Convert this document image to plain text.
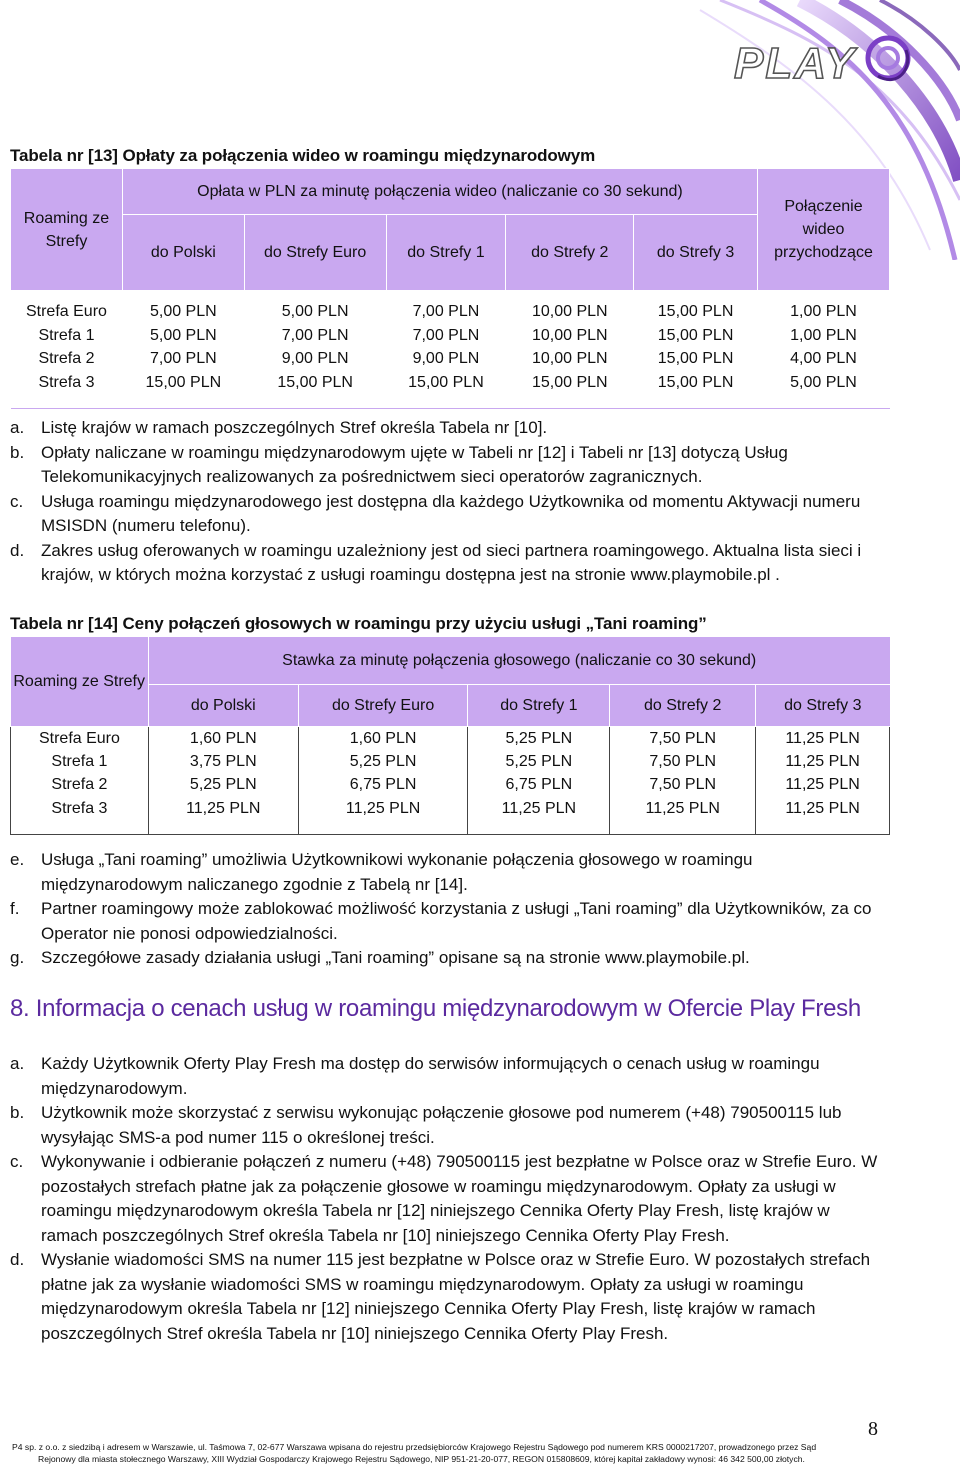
PLAY
Tabela nr [13] Opłaty za połączenia wideo w roamingu międzynarodowym
Roaming ze Strefy	Opłata w PLN za minutę połączenia wideo (naliczanie co 30 sekund)					Połączenie wideo przychodzące
	do Polski	do Strefy Euro	do Strefy 1	do Strefy 2	do Strefy 3	

Strefa Euro	5,00 PLN	5,00 PLN	7,00 PLN	10,00 PLN	15,00 PLN	1,00 PLN
Strefa 1	5,00 PLN	7,00 PLN	7,00 PLN	10,00 PLN	15,00 PLN	1,00 PLN
Strefa 2	7,00 PLN	9,00 PLN	9,00 PLN	10,00 PLN	15,00 PLN	4,00 PLN
Strefa 3	15,00 PLN	15,00 PLN	15,00 PLN	15,00 PLN	15,00 PLN	5,00 PLN

a. Listę krajów w ramach poszczególnych Stref określa Tabela nr [10].
b. Opłaty naliczane w roamingu międzynarodowym ujęte w Tabeli nr [12] i Tabeli nr [13] dotyczą Usług Telekomunikacyjnych realizowanych za pośrednictwem sieci operatorów zagranicznych.
c. Usługa roamingu międzynarodowego jest dostępna dla każdego Użytkownika od momentu Aktywacji numeru MSISDN (numeru telefonu).
d. Zakres usług oferowanych w roamingu uzależniony jest od sieci partnera roamingowego. Aktualna lista sieci i krajów, w których można korzystać z usługi roamingu dostępna jest na stronie www.playmobile.pl .
Tabela nr [14] Ceny połączeń głosowych w roamingu przy użyciu usługi „Tani roaming”
Roaming ze Strefy	Stawka za minutę połączenia głosowego (naliczanie co 30 sekund)				
	do Polski	do Strefy Euro	do Strefy 1	do Strefy 2	do Strefy 3
Strefa Euro	1,60 PLN	1,60 PLN	5,25 PLN	7,50 PLN	11,25 PLN
Strefa 1	3,75 PLN	5,25 PLN	5,25 PLN	7,50 PLN	11,25 PLN
Strefa 2	5,25 PLN	6,75 PLN	6,75 PLN	7,50 PLN	11,25 PLN
Strefa 3	11,25 PLN	11,25 PLN	11,25 PLN	11,25 PLN	11,25 PLN

e. Usługa „Tani roaming” umożliwia Użytkownikowi wykonanie połączenia głosowego w roamingu międzynarodowym naliczanego zgodnie z Tabelą nr [14].
f. Partner roamingowy może zablokować możliwość korzystania z usługi „Tani roaming” dla Użytkowników, za co Operator nie ponosi odpowiedzialności.
g. Szczegółowe zasady działania usługi „Tani roaming” opisane są na stronie www.playmobile.pl.
8. Informacja o cenach usług w roamingu międzynarodowym w Ofercie Play Fresh
a. Każdy Użytkownik Oferty Play Fresh ma dostęp do serwisów informujących o cenach usług w roamingu międzynarodowym.
b. Użytkownik może skorzystać z serwisu wykonując połączenie głosowe pod numerem (+48) 790500115 lub wysyłając SMS-a pod numer 115 o określonej treści.
c. Wykonywanie i odbieranie połączeń z numeru (+48) 790500115 jest bezpłatne w Polsce oraz w Strefie Euro. W pozostałych strefach płatne jak za połączenie głosowe w roamingu międzynarodowym. Opłaty za usługi w roamingu międzynarodowym określa Tabela nr [12] niniejszego Cennika Oferty Play Fresh, listę krajów w ramach poszczególnych Stref określa Tabela nr [10] niniejszego Cennika Oferty Play Fresh.
d. Wysłanie wiadomości SMS na numer 115 jest bezpłatne w Polsce oraz w Strefie Euro. W pozostałych strefach płatne jak za wysłanie wiadomości SMS w roamingu międzynarodowym. Opłaty za usługi w roamingu międzynarodowym określa Tabela nr [12] niniejszego Cennika Oferty Play Fresh, listę krajów w ramach poszczególnych Stref określa Tabela nr [10] niniejszego Cennika Oferty Play Fresh.
8
P4 sp. z o.o. z siedzibą i adresem w Warszawie, ul. Taśmowa 7, 02-677 Warszawa wpisana do rejestru przedsiębiorców Krajowego Rejestru Sądowego pod numerem KRS 0000217207, prowadzonego przez Sąd
Rejonowy dla miasta stołecznego Warszawy, XIII Wydział Gospodarczy Krajowego Rejestru Sądowego, NIP 951-21-20-077, REGON 015808609, której kapitał zakładowy wynosi: 46 342 500,00 złotych.
